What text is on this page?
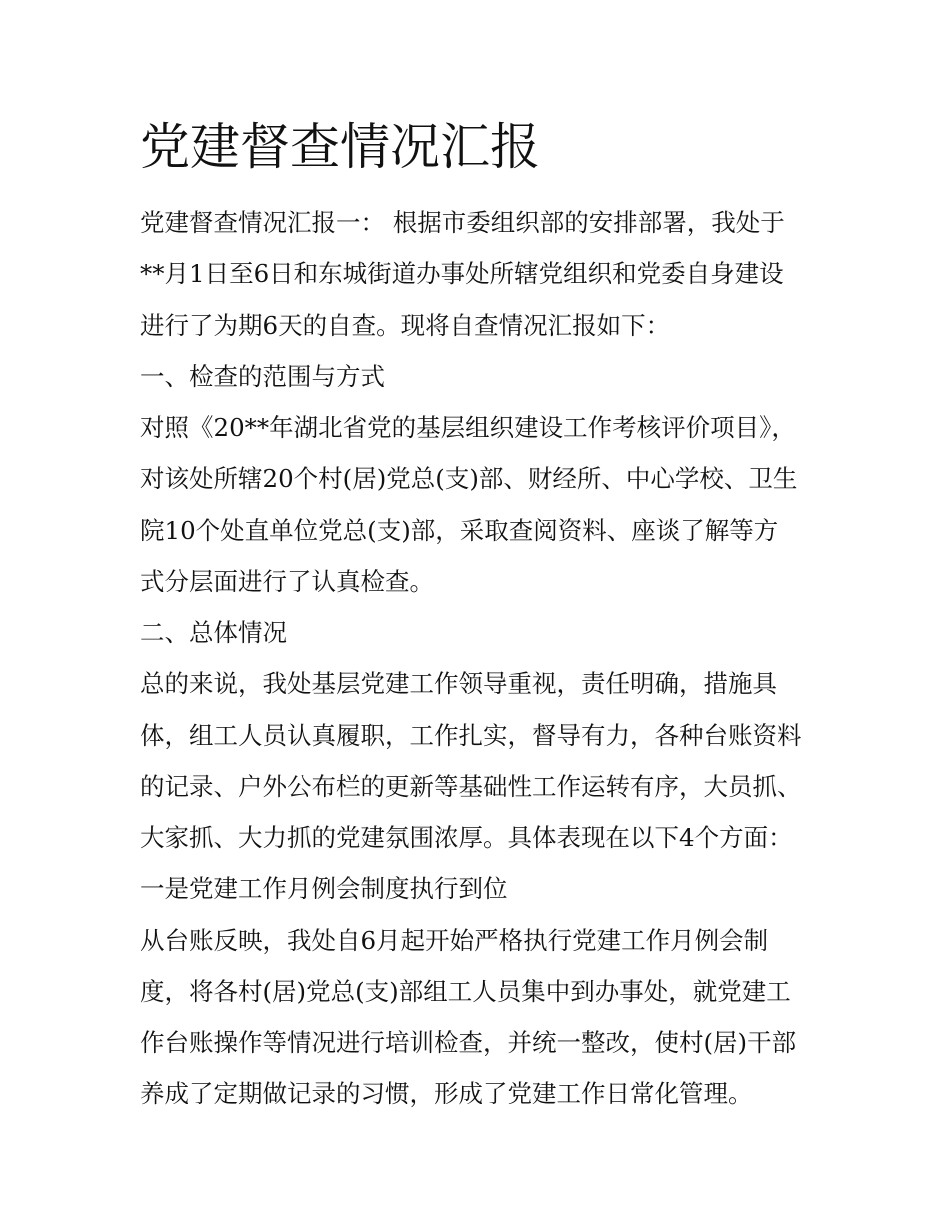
党建督查情况汇报
党建督查情况汇报一： 根据市委组织部的安排部署，我处于
**月1日至6日和东城街道办事处所辖党组织和党委自身建设
进行了为期6天的自查。现将自查情况汇报如下：
一、检查的范围与方式
对照《20**年湖北省党的基层组织建设工作考核评价项目》，
对该处所辖20个村(居)党总(支)部、财经所、中心学校、卫生
院10个处直单位党总(支)部，采取查阅资料、座谈了解等方
式分层面进行了认真检查。
二、总体情况
总的来说，我处基层党建工作领导重视，责任明确，措施具
体，组工人员认真履职，工作扎实，督导有力，各种台账资料
的记录、户外公布栏的更新等基础性工作运转有序，大员抓、
大家抓、大力抓的党建氛围浓厚。具体表现在以下4个方面：
一是党建工作月例会制度执行到位
从台账反映，我处自6月起开始严格执行党建工作月例会制
度，将各村(居)党总(支)部组工人员集中到办事处，就党建工
作台账操作等情况进行培训检查，并统一整改，使村(居)干部
养成了定期做记录的习惯，形成了党建工作日常化管理。
